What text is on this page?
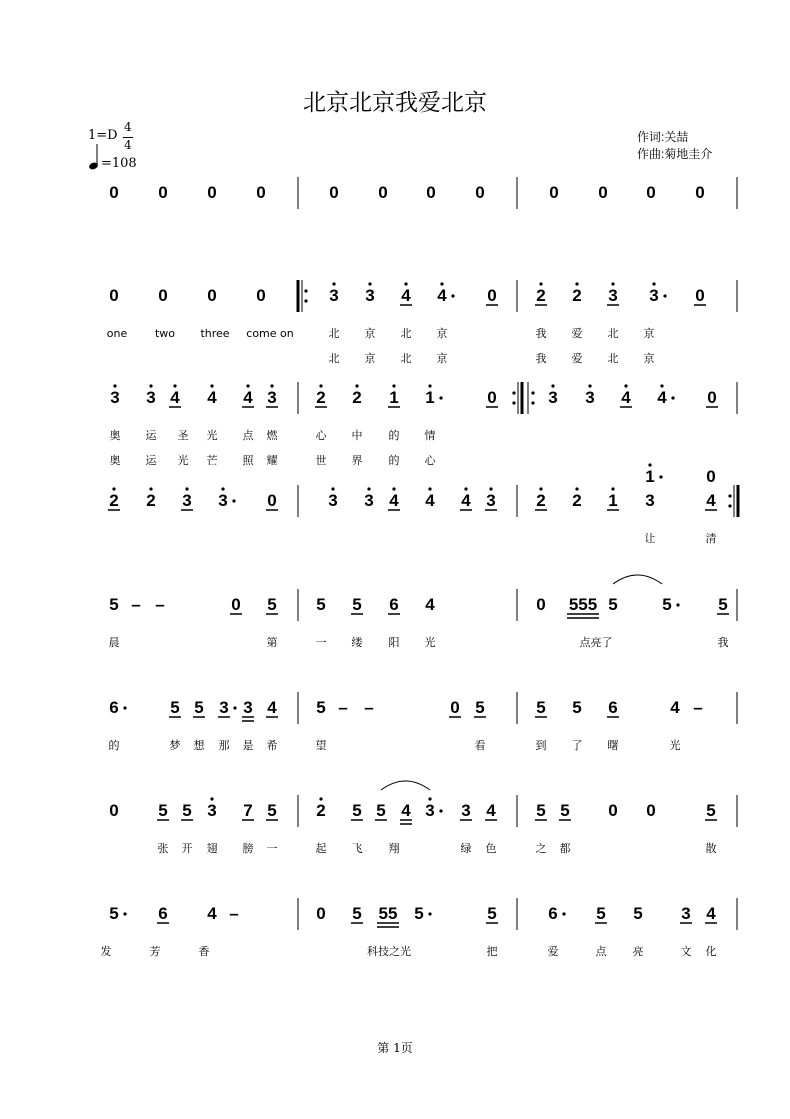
北京北京我爱北京
1=D
4
4
=108
作词:关喆
作曲:菊地圭介
0 0 0 0	0 0 0 0	0 0 0 0
0 0 0 0	3 3 4 4 0 2 2 3 3 0
one	two three come on	北 京 北 京	我 爱 北 京
北 京 北 京	我 爱 北 京
3 3 4 4 4 3 2 2 1 1	0	3 3 4 4 0
奥 运 圣 光 点 燃	心 中 的 情
奥 运 光 芒 照 耀	世 界 的 心
2 2 3 3 0	3 3 4 4 4 3 2 2 1 3	4
1	0
让	清
5 – –	0 5 5 5 6 4	0 555 5	5	5
晨	第	一 缕 阳 光	点亮了	我
6	5 5 3 3 4 5 – –	0 5	5 5 6	4 –
的	梦 想 那 是 希	望	看	到 了 曙	光
0 5 5 3 7 5 2 5 5 4 3 3 4 5 5 0 0	5
张 开 翅 膀 一	起 飞 翔	绿 色	之 都	散
5 6 4 –	0 5 55 5	5	6 5 5 3 4
发	芳	香	科技之光	把	爱	点 亮	文 化
第 1页
